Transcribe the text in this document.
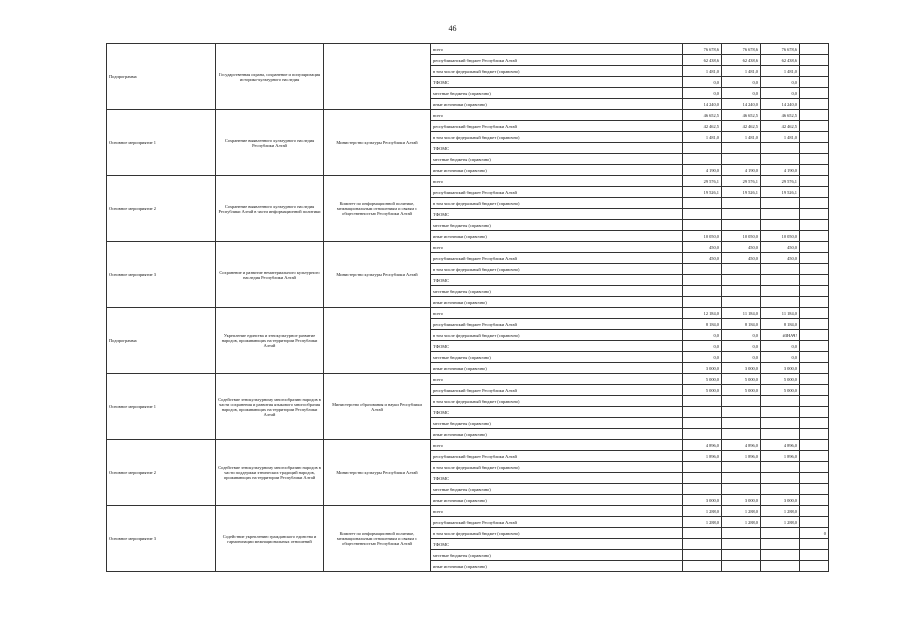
46
Подпрограмма	Государственная охрана, сохранение и популяризация историко-культурного наследия		всего	76 678,6	76 678,6	76 678,6	
			республиканский бюджет Республики Алтай	62 438,6	62 438,6	62 438,6	
			в том числе федеральный бюджет (справочно)	1 481,0	1 481,0	1 481,0	
			ТФОМС	0,0	0,0	0,0	
			местные бюджеты (справочно)	0,0	0,0	0,0	
			иные источники (справочно)	14 240,0	14 240,0	14 240,0	
Основное мероприятие 1	Сохранение выявленного культурного наследия Республики Алтай	Министерство культуры Республики Алтай	всего	46 652,5	46 652,5	46 652,5	
			республиканский бюджет Республики Алтай	42 462,5	42 462,5	42 462,5	
			в том числе федеральный бюджет (справочно)	1 481,0	1 481,0	1 481,0	
			ТФОМС				
			местные бюджеты (справочно)				
			иные источники (справочно)	4 190,0	4 190,0	4 190,0	
Основное мероприятие 2	Сохранение выявленного культурного наследия Республики Алтай в части информационной политики	Комитет по информационной политике, межнациональным отношениям и связям с общественностью Республики Алтай	всего	29 576,1	29 576,1	29 576,1	
			республиканский бюджет Республики Алтай	19 526,1	19 526,1	19 526,1	
			в том числе федеральный бюджет (справочно)				
			ТФОМС				
			местные бюджеты (справочно)				
			иные источники (справочно)	10 050,0	10 050,0	10 050,0	
Основное мероприятие 3	Сохранение и развитие нематериального культурного наследия Республики Алтай	Министерство культуры Республики Алтай	всего	450,0	450,0	450,0	
			республиканский бюджет Республики Алтай	450,0	450,0	450,0	
			в том числе федеральный бюджет (справочно)				
			ТФОМС				
			местные бюджеты (справочно)				
			иные источники (справочно)				
Подпрограмма	Укрепление единства и этнокультурное развитие народов, проживающих на территории Республики Алтай		всего	12 184,0	11 184,0	11 184,0	
			республиканский бюджет Республики Алтай	8 184,0	8 184,0	8 184,0	
			в том числе федеральный бюджет (справочно)	0,0	0,0	#ЗНАЧ!	
			ТФОМС	0,0	0,0	0,0	
			местные бюджеты (справочно)	0,0	0,0	0,0	
			иные источники (справочно)	3 000,0	3 000,0	3 000,0	
Основное мероприятие 1	Содействие этнокультурному многообразию народов в части сохранения и развития языкового многообразия народов, проживающих на территории Республики Алтай	Министерство образования и науки Республики Алтай	всего	5 000,0	5 000,0	5 000,0	
			республиканский бюджет Республики Алтай	5 000,0	5 000,0	5 000,0	
			в том числе федеральный бюджет (справочно)				
			ТФОМС				
			местные бюджеты (справочно)				
			иные источники (справочно)				
Основное мероприятие 2	Содействие этнокультурному многообразию народов в части поддержки этнических традиций народов, проживающих на территории Республики Алтай	Министерство культуры Республики Алтай	всего	4 896,0	4 896,0	4 896,0	
			республиканский бюджет Республики Алтай	1 896,0	1 896,0	1 896,0	
			в том числе федеральный бюджет (справочно)				
			ТФОМС				
			местные бюджеты (справочно)				
			иные источники (справочно)	3 000,0	3 000,0	3 000,0	
Основное мероприятие 3	Содействие укреплению гражданского единства и гармонизации межнациональных отношений	Комитет по информационной политике, межнациональным отношениям и связям с общественностью Республики Алтай	всего	1 288,0	1 288,0	1 288,0	
			республиканский бюджет Республики Алтай	1 288,0	1 288,0	1 288,0	
			в том числе федеральный бюджет (справочно)				0
			ТФОМС				
			местные бюджеты (справочно)				
			иные источники (справочно)				
